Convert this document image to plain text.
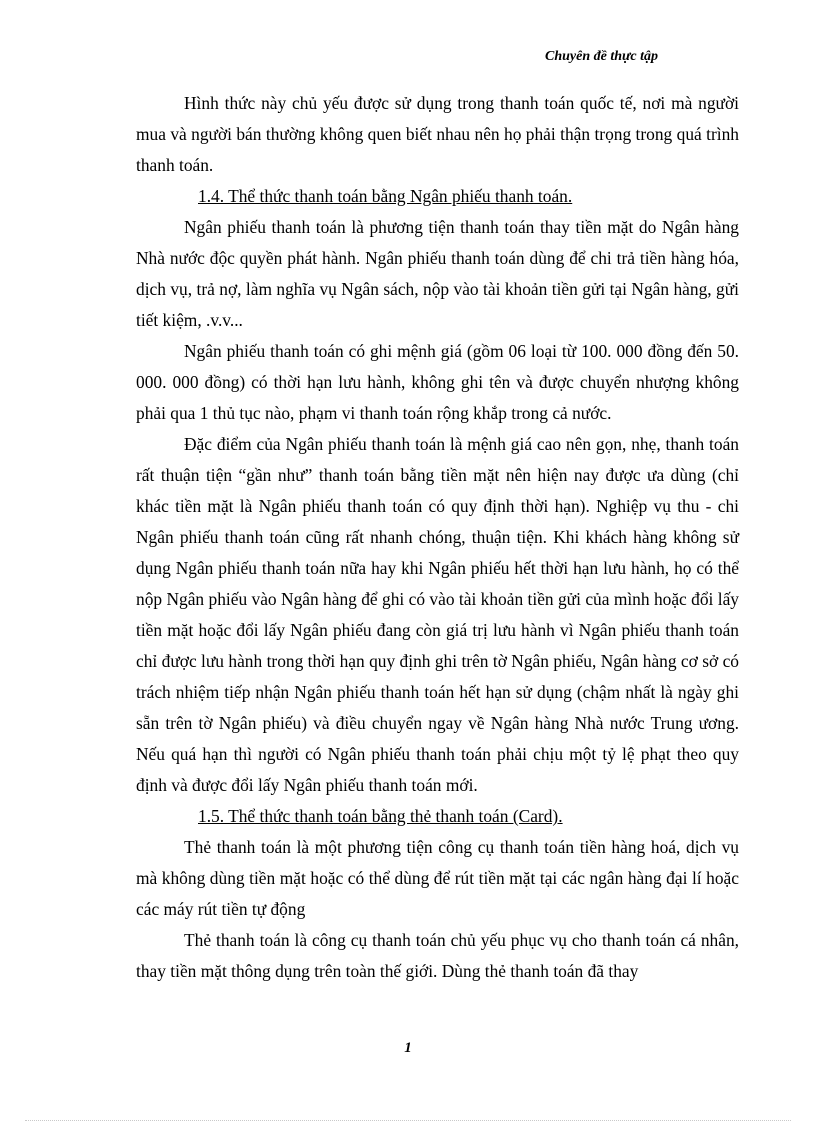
Chuyên đề thực tập

Hình thức này chủ yếu được sử dụng trong thanh toán quốc tế, nơi mà người mua và người bán thường không quen biết nhau nên họ phải thận trọng trong quá trình thanh toán.

1.4. Thể thức thanh toán bằng Ngân phiếu thanh toán.

Ngân phiếu thanh toán là phương tiện thanh toán thay tiền mặt do Ngân hàng Nhà nước độc quyền phát hành. Ngân phiếu thanh toán dùng để chi trả tiền hàng hóa, dịch vụ, trả nợ, làm nghĩa vụ Ngân sách, nộp vào tài khoản tiền gửi tại Ngân hàng, gửi tiết kiệm, .v.v...

Ngân phiếu thanh toán có ghi mệnh giá (gồm 06 loại từ 100. 000 đồng đến 50. 000. 000 đồng) có thời hạn lưu hành, không ghi tên và được chuyển nhượng không phải qua 1 thủ tục nào, phạm vi thanh toán rộng khắp trong cả nước.

Đặc điểm của Ngân phiếu thanh toán là mệnh giá cao nên gọn, nhẹ, thanh toán rất thuận tiện “gần như” thanh toán bằng tiền mặt nên hiện nay được ưa dùng (chỉ khác tiền mặt là Ngân phiếu thanh toán có quy định thời hạn). Nghiệp vụ thu - chi Ngân phiếu thanh toán cũng rất nhanh chóng, thuận tiện. Khi khách hàng không sử dụng Ngân phiếu thanh toán nữa hay khi Ngân phiếu hết thời hạn lưu hành, họ có thể nộp Ngân phiếu vào Ngân hàng để ghi có vào tài khoản tiền gửi của mình hoặc đổi lấy tiền mặt hoặc đổi lấy Ngân phiếu đang còn giá trị lưu hành vì Ngân phiếu thanh toán chỉ được lưu hành trong thời hạn quy định ghi trên tờ Ngân phiếu, Ngân hàng cơ sở có trách nhiệm tiếp nhận Ngân phiếu thanh toán hết hạn sử dụng (chậm nhất là ngày ghi sẵn trên tờ Ngân phiếu) và điều chuyển ngay về Ngân hàng Nhà nước Trung ương. Nếu quá hạn thì người có Ngân phiếu thanh toán phải chịu một tỷ lệ phạt theo quy định và được đổi lấy Ngân phiếu thanh toán mới.

1.5. Thể thức thanh toán bằng thẻ thanh toán (Card).

Thẻ thanh toán là một phương tiện công cụ thanh toán tiền hàng hoá, dịch vụ mà không dùng tiền mặt hoặc có thể dùng để rút tiền mặt tại các ngân hàng đại lí hoặc các máy rút tiền tự động

Thẻ thanh toán là công cụ thanh toán chủ yếu phục vụ cho thanh toán cá nhân, thay tiền mặt thông dụng trên toàn thế giới. Dùng thẻ thanh toán đã thay

1
